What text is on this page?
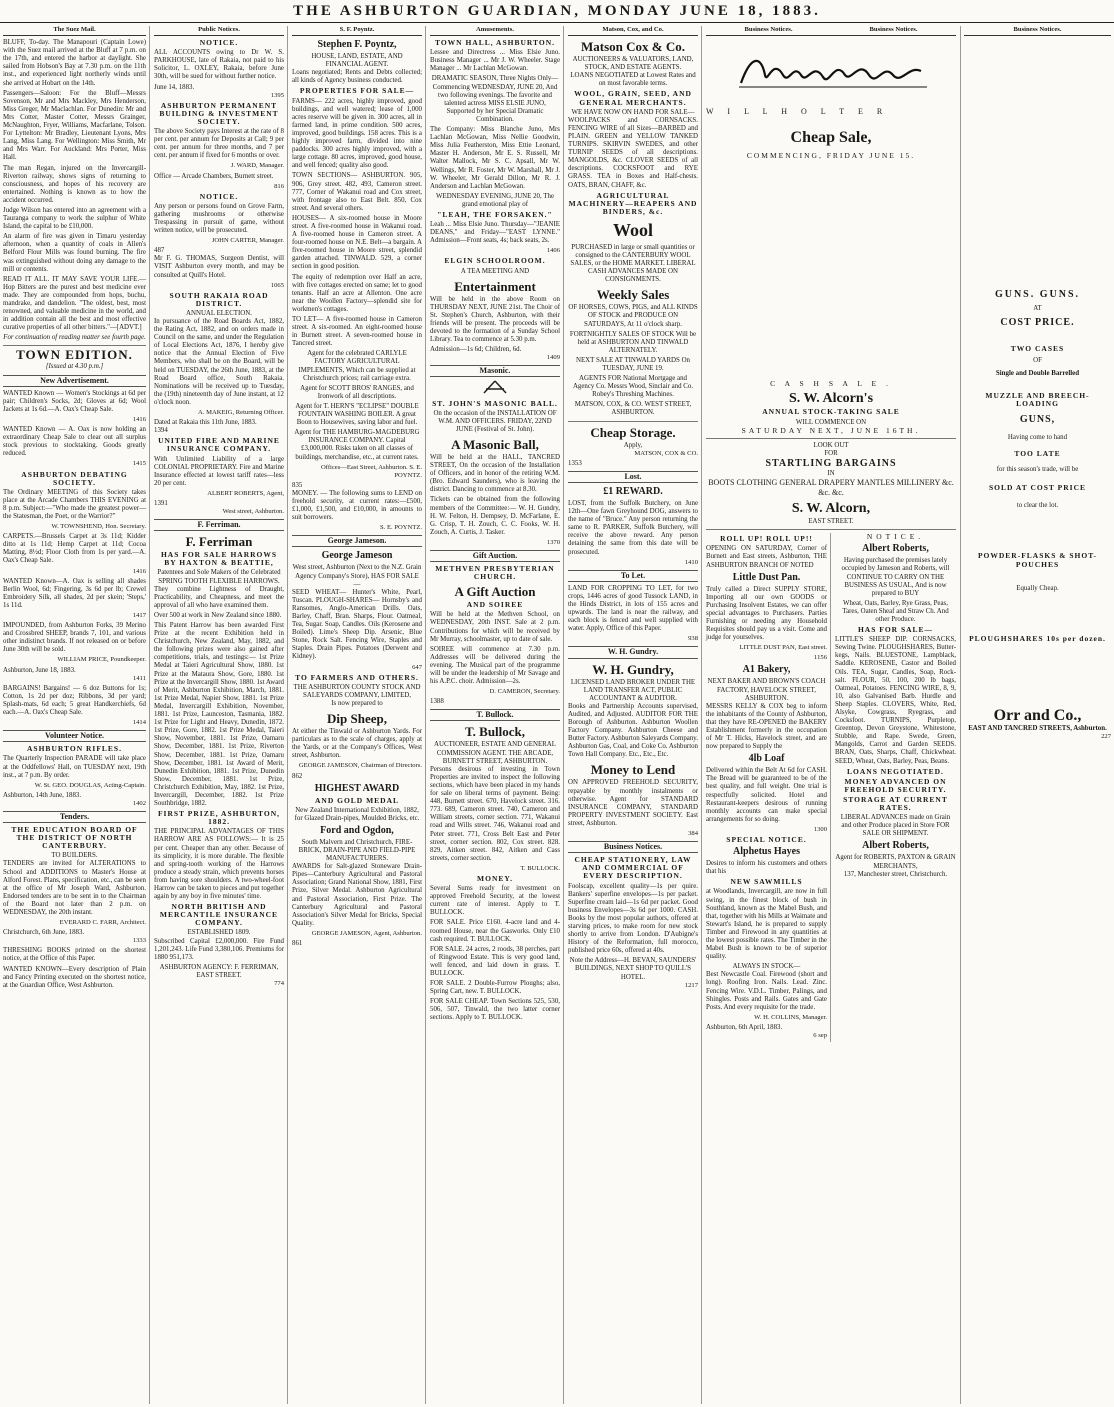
THE ASHBURTON GUARDIAN, MONDAY JUNE 18, 1883.
The Suez Mail.

BLUFF, To-day. The Manapouri (Captain Lowe) with the Suez mail arrived at the Bluff at 7 p.m. on the 17th, and entered the harbor at daylight. She sailed from Hobson's Bay at 7.30 p.m. on the 11th inst., and experienced light northerly winds until she arrived at Hobart on the 14th.

Passengers—Saloon: For the Bluff—Messrs Sovenson, Mr and Mrs Mackley, Mrs Henderson, Miss Greger, Mr Maclachlan. For Dunedin: Mr and Mrs Cotter, Master Cotter, Messrs Grainger, McNaughton, Fryer, Williams, Macfarlane, Tolson. For Lyttelton: Mr Bradley, Lieutenant Lyons, Mrs Lang, Miss Lang. For Wellington: Miss Smith, Mr and Mrs Warr. For Auckland: Mrs Porter, Miss Hall.

The man Regan, injured on the Invercargill-Riverton railway, shows signs of returning to consciousness, and hopes of his recovery are entertained. Nothing is known as to how the accident occurred.

Judge Wilson has entered into an agreement with a Tauranga company to work the sulphur of White Island, the capital to be £10,000.

An alarm of fire was given in Timaru yesterday afternoon, when a quantity of coals in Allen's Belford Flour Mills was found burning. The fire was extinguished without doing any damage to the mill or contents.

READ IT ALL. IT MAY SAVE YOUR LIFE.—Hop Bitters are the purest and best medicine ever made. They are compounded from hops, buchu, mandrake, and dandelion. "The oldest, best, most renowned, and valuable medicine in the world, and in addition contain all the best and most effective curative properties of all other bitters."—[ADVT.]

For continuation of reading matter see fourth page.

TOWN EDITION.
[Issued at 4.30 p.m.]
New Advertisement.

WANTED Known — Women's Stockings at 6d per pair; Children's Socks, 2d; Gloves at 6d; Wool Jackets at 1s 6d.—A. Oax's Cheap Sale.

1416

WANTED Known — A. Oax is now holding an extraordinary Cheap Sale to clear out all surplus stock previous to stocktaking. Goods greatly reduced.

1415
ASHBURTON DEBATING SOCIETY.

The Ordinary MEETING of this Society takes place at the Arcade Chambers THIS EVENING at 8 p.m. Subject:—"Who made the greatest power—the Statesman, the Poet, or the Warrior?"

W. TOWNSHEND, Hon. Secretary.

CARPETS.—Brussels Carpet at 3s 11d; Kidder ditto at 1s 11d; Hemp Carpet at 11d; Cocoa Matting, 8½d; Floor Cloth from 1s per yard.—A. Oax's Cheap Sale.

1416

WANTED Known—A. Oax is selling all shades Berlin Wool, 6d; Fingering, 3s 6d per lb; Crewel Embroidery Silk, all shades, 2d per skein; 'Steps,' 1s 11d.

1417

IMPOUNDED, from Ashburton Forks, 39 Merino and Crossbred SHEEP, brands 7, 101, and various other indistinct brands. If not released on or before June 30th will be sold.

WILLIAM PRICE, Poundkeeper.
Ashburton, June 18, 1883.
1411

BARGAINS! Bargains! — 6 doz Buttons for 1s; Cotton, 1s 2d per doz; Ribbons, 3d per yard; Splash-mats, 6d each; 5 great Handkerchiefs, 6d each.—A. Oax's Cheap Sale.

1414
Volunteer Notice.
ASHBURTON RIFLES.

The Quarterly Inspection PARADE will take place at the Oddfellows' Hall, on TUESDAY next, 19th inst., at 7 p.m. By order.

W. St. GEO. DOUGLAS, Acting-Captain.
Ashburton, 14th June, 1883.
1402
Tenders.
THE EDUCATION BOARD OF THE DISTRICT OF NORTH CANTERBURY.
TO BUILDERS.

TENDERS are invited for ALTERATIONS to School and ADDITIONS to Master's House at Alford Forest. Plans, specification, etc., can be seen at the office of Mr Joseph Ward, Ashburton. Endorsed tenders are to be sent in to the Chairman of the Board not later than 2 p.m. on WEDNESDAY, the 20th instant.

EVERARD C. FARR, Architect.
Christchurch, 6th June, 1883.
1333

THRESHING BOOKS printed on the shortest notice, at the Office of this Paper.

WANTED KNOWN—Every description of Plain and Fancy Printing executed on the shortest notice, at the Guardian Office, West Ashburton.

Public Notices.
NOTICE.

ALL ACCOUNTS owing to Dr W. S. PARKHOUSE, late of Rakaia, not paid to his Solicitor, L. OXLEY, Rakaia, before June 30th, will be sued for without further notice.

June 14, 1883.
1395
ASHBURTON PERMANENT BUILDING & INVESTMENT SOCIETY.

The above Society pays Interest at the rate of 8 per cent. per annum for Deposits at Call; 9 per cent. per annum for three months, and 7 per cent. per annum if fixed for 6 months or over.

J. WARD, Manager.

Office — Arcade Chambers, Burnett street.

816
NOTICE.

Any person or persons found on Grove Farm, gathering mushrooms or otherwise Trespassing in pursuit of game, without written notice, will be prosecuted.

JOHN CARTER, Manager.
487

Mr F. G. THOMAS, Surgeon Dentist, will VISIT Ashburton every month, and may be consulted at Quill's Hotel.

1065
SOUTH RAKAIA ROAD DISTRICT.
ANNUAL ELECTION.

In pursuance of the Road Boards Act, 1882, the Rating Act, 1882, and on orders made in Council on the same, and under the Regulation of Local Elections Act, 1876, I hereby give notice that the Annual Election of Five Members, who shall be on the Board, will be held on TUESDAY, the 26th June, 1883, at the Road Board office, South Rakaia. Nominations will be received up to Tuesday, the (19th) nineteenth day of June instant, at 12 o'clock noon.

A. MAKEIG, Returning Officer.
Dated at Rakaia this 11th June, 1883.
1394
UNITED FIRE AND MARINE INSURANCE COMPANY.

With Unlimited Liability of a large COLONIAL PROPRIETARY. Fire and Marine Insurance effected at lowest tariff rates—less 20 per cent.

ALBERT ROBERTS, Agent,
1391
West street, Ashburton.
F. Ferriman.
F. Ferriman
HAS FOR SALE HARROWS BY HAXTON & BEATTIE,
Patentees and Sole Makers of the Celebrated SPRING TOOTH FLEXIBLE HARROWS.

They combine Lightness of Draught, Practicability, and Cheapness, and meet the approval of all who have examined them.

Over 500 at work in New Zealand since 1880.

This Patent Harrow has been awarded First Prize at the recent Exhibition held in Christchurch, New Zealand, May, 1882, and the following prizes were also gained after competitions, trials, and testings:— 1st Prize Medal at Taieri Agricultural Show, 1880. 1st Prize at the Mataura Show, Gore, 1880. 1st Prize at the Invercargill Show, 1880. 1st Award of Merit, Ashburton Exhibition, March, 1881. 1st Prize Medal, Napier Show, 1881. 1st Prize Medal, Invercargill Exhibition, November, 1881. 1st Prize, Launceston, Tasmania, 1882. 1st Prize for Light and Heavy, Dunedin, 1872. 1st Prize, Gore, 1882. 1st Prize Medal, Taieri Show, November, 1881. 1st Prize, Oamaru Show, December, 1881. 1st Prize, Riverton Show, December, 1881. 1st Prize, Oamaru Show, December, 1881. 1st Award of Merit, Dunedin Exhibition, 1881. 1st Prize, Dunedin Show, December, 1881. 1st Prize, Christchurch Exhibition, May, 1882. 1st Prize, Invercargill, December, 1882. 1st Prize Southbridge, 1882.

FIRST PRIZE, ASHBURTON, 1882.

THE PRINCIPAL ADVANTAGES OF THIS HARROW ARE AS FOLLOWS:— It is 25 per cent. Cheaper than any other. Because of its simplicity, it is more durable. The flexible and spring-tooth working of the Harrows produce a steady strain, which prevents horses from having sore shoulders. A two-wheel-foot Harrow can be taken to pieces and put together again by any boy in five minutes' time.

NORTH BRITISH AND MERCANTILE INSURANCE COMPANY.
ESTABLISHED 1809.

Subscribed Capital £2,000,000. Fire Fund 1,201,243. Life Fund 3,380,106. Premiums for 1880 951,173.

ASHBURTON AGENCY: F. FERRIMAN, EAST STREET.
774
S. F. Poyntz.
Stephen F. Poyntz,
HOUSE, LAND, ESTATE, AND FINANCIAL AGENT.

Loans negotiated; Rents and Debts collected; all kinds of Agency business conducted.

PROPERTIES FOR SALE—

FARMS— 222 acres, highly improved, good buildings, and well watered; lease of 1,000 acres reserve will be given in. 300 acres, all in farmed land, in prime condition. 500 acres, improved, good buildings. 158 acres. This is a highly improved farm, divided into nine paddocks. 300 acres highly improved, with a large cottage. 80 acres, improved, good house, and well fenced; quality also good.

TOWN SECTIONS— ASHBURTON. 905, 906, Grey street. 482, 493, Cameron street. 777, Corner of Wakanui road and Cox street, with frontage also to East Belt. 850, Cox street. And several others.

HOUSES— A six-roomed house in Moore street. A five-roomed house in Wakanui road. A five-roomed house in Cameron street. A four-roomed house on N.E. Belt—a bargain. A five-roomed house in Moore street, splendid garden attached. TINWALD. 529, a corner section in good position.

The equity of redemption over Half an acre, with five cottages erected on same; let to good tenants. Half an acre at Allenton. One acre near the Woollen Factory—splendid site for workmen's cottages.

TO LET— A five-roomed house in Cameron street. A six-roomed. An eight-roomed house in Burnett street. A seven-roomed house in Tancred street.

Agent for the celebrated CARLYLE FACTORY AGRICULTURAL IMPLEMENTS, Which can be supplied at Christchurch prices; rail carriage extra.

Agent for SCOTT BROS' RANGES, and Ironwork of all descriptions.

Agent for T. HERN'S "ECLIPSE" DOUBLE FOUNTAIN WASHING BOILER. A great Boon to Housewives, saving labor and fuel.

Agent for THE HAMBURG-MAGDEBURG INSURANCE COMPANY. Capital £3,000,000. Risks taken on all classes of buildings, merchandise, etc., at current rates.

Offices—East Street, Ashburton. S. E. POYNTZ.
835

MONEY. — The following sums to LEND on freehold security, at current rates:—£500, £1,000, £1,500, and £10,000, in amounts to suit borrowers.

S. E. POYNTZ.
George Jameson.
George Jameson
West street, Ashburton (Next to the N.Z. Grain Agency Company's Store), HAS FOR SALE—

SEED WHEAT— Hunter's White, Pearl, Tuscan. PLOUGH-SHARES— Hornsby's and Ransomes, Anglo-American Drills. Oats, Barley, Chaff, Bran. Sharps, Flour. Oatmeal, Tea, Sugar. Soap, Candles. Oils (Kerosene and Boiled). Lime's Sheep Dip. Arsenic, Blue Stone, Rock Salt. Fencing Wire, Staples and Staples. Drain Pipes. Potatoes (Derwent and Kidney).

647
TO FARMERS AND OTHERS.
THE ASHBURTON COUNTY STOCK AND SALEYARDS COMPANY, LIMITED,
Is now prepared to
Dip Sheep,

At either the Tinwald or Ashburton Yards. For particulars as to the scale of charges, apply at the Yards, or at the Company's Offices, West street, Ashburton.

GEORGE JAMESON, Chairman of Directors.
862
HIGHEST AWARD
AND GOLD MEDAL

New Zealand International Exhibition, 1882, for Glazed Drain-pipes, Moulded Bricks, etc.

Ford and Ogdon,
South Malvern and Christchurch, FIRE-BRICK, DRAIN-PIPE AND FIELD-PIPE MANUFACTURERS.

AWARDS for Salt-glazed Stoneware Drain-Pipes—Canterbury Agricultural and Pastoral Association; Grand National Show, 1881, First Prize, Silver Medal. Ashburton Agricultural and Pastoral Association, First Prize. The Canterbury Agricultural and Pastoral Association's Silver Medal for Bricks, Special Quality.

GEORGE JAMESON, Agent, Ashburton.
861
Amusements.
TOWN HALL, ASHBURTON.

Lessee and Directress ... Miss Elsie Juno. Business Manager ... Mr J. W. Wheeler. Stage Manager ... Mr Lachlan McGowan.

DRAMATIC SEASON, Three Nights Only—Commencing WEDNESDAY, JUNE 20, And two following evenings. The favorite and talented actress MISS ELSIE JUNO, Supported by her Special Dramatic Combination.

The Company: Miss Blanche Juno, Mrs Lachlan McGowan, Miss Nellie Goodwin, Miss Julia Featherston, Miss Ettie Leonard, Master H. Anderson, Mr E. S. Russell, Mr Walter Mallock, Mr S. C. Apsall, Mr W. Wellings, Mr R. Foster, Mr W. Marshall, Mr J. W. Wheeler, Mr Gerald Dillon, Mr R. J. Anderson and Lachlan McGowan.

WEDNESDAY EVENING, JUNE 20, The grand emotional play of

"LEAH, THE FORSAKEN."

Leah ... Miss Elsie Juno. Thursday—"JEANIE DEANS," and Friday—"EAST LYNNE." Admission—Front seats, 4s; back seats, 2s.

1406
ELGIN SCHOOLROOM.
A TEA MEETING AND
Entertainment

Will be held in the above Room on THURSDAY NEXT, JUNE 21st. The Choir of St. Stephen's Church, Ashburton, with their friends will be present. The proceeds will be devoted to the formation of a Sunday School Library. Tea to commence at 5.30 p.m.

Admission—1s 6d; Children, 6d.
1409
Masonic.
ST. JOHN'S MASONIC BALL.

On the occasion of the INSTALLATION OF W.M. AND OFFICERS. FRIDAY, 22ND JUNE (Festival of St. John).

A Masonic Ball,

Will be held at the HALL, TANCRED STREET, On the occasion of the Installation of Officers, and in honor of the retiring W.M. (Bro. Edward Saunders), who is leaving the district. Dancing to commence at 8.30.

Tickets can be obtained from the following members of the Committee:— W. H. Gundry, H. W. Felton, H. Dempsey, D. McFarlane, E. G. Crisp, T. H. Zouch, C. C. Fooks, W. H. Zouch, A. Curtis, J. Tasker.

1370
Gift Auction.
METHVEN PRESBYTERIAN CHURCH.
A Gift Auction
AND SOIREE

Will be held at the Methven School, on WEDNESDAY, 20th INST. Sale at 2 p.m. Contributions for which will be received by Mr Murray, schoolmaster, up to date of sale.

SOIREE will commence at 7.30 p.m. Addresses will be delivered during the evening. The Musical part of the programme will be under the leadership of Mr Savage and his A.P.C. choir. Admission—2s.

D. CAMERON, Secretary.
1388
T. Bullock.
T. Bullock,
AUCTIONEER, ESTATE AND GENERAL COMMISSION AGENT. THE ARCADE, BURNETT STREET, ASHBURTON.

Persons desirous of investing in Town Properties are invited to inspect the following sections, which have been placed in my hands for sale on liberal terms of payment. Being: 448, Burnett street. 670, Havelock street. 316. 773. 689, Cameron street. 740, Cameron and William streets, corner section. 771, Wakanui road and Wills street. 746, Wakanui road and Peter street. 771, Cross Belt East and Peter street, corner section. 802, Cox street. 828. 829, Aitken street. 842, Aitken and Cass streets, corner section.

T. BULLOCK.
MONEY.

Several Sums ready for investment on approved Freehold Security, at the lowest current rate of interest. Apply to T. BULLOCK.

FOR SALE. Price £160. 4-acre land and 4-roomed House, near the Gasworks. Only £10 cash required. T. BULLOCK.

FOR SALE. 24 acres, 2 roods, 38 perches, part of Ringwood Estate. This is very good land, well fenced, and laid down in grass. T. BULLOCK.

FOR SALE. 2 Double-Furrow Ploughs; also, Spring Cart, new. T. BULLOCK.

FOR SALE CHEAP. Town Sections 525, 530, 506, 507, Tinwald, the two latter corner sections. Apply to T. BULLOCK.

Matson, Cox, and Co.
Matson Cox & Co.
AUCTIONEERS & VALUATORS, LAND, STOCK, AND ESTATE AGENTS.

LOANS NEGOTIATED at Lowest Rates and on most favorable terms.

WOOL, GRAIN, SEED, AND GENERAL MERCHANTS.
WE HAVE NOW ON HAND FOR SALE—

WOOLPACKS and CORNSACKS. FENCING WIRE of all Sizes—BARBED and PLAIN. GREEN and YELLOW TANKED TURNIPS. SKIRVIN SWEDES, and other TURNIP SEEDS of all descriptions. MANGOLDS, &c. CLOVER SEEDS of all descriptions. COCKSFOOT and RYE GRASS. TEA in Boxes and Half-chests. OATS, BRAN, CHAFF, &c.

AGRICULTURAL MACHINERY—REAPERS AND BINDERS, &c.
Wool

PURCHASED in large or small quantities or consigned to the CANTERBURY WOOL SALES, or the HOME MARKET. LIBERAL CASH ADVANCES MADE ON CONSIGNMENTS.

Weekly Sales

OF HORSES, COWS, PIGS, and ALL KINDS OF STOCK and PRODUCE ON SATURDAYS, At 11 o'clock sharp.

FORTNIGHTLY SALES OF STOCK Will be held at ASHBURTON AND TINWALD ALTERNATELY.

NEXT SALE AT TINWALD YARDS On TUESDAY, JUNE 19.

AGENTS FOR National Mortgage and Agency Co. Messrs Wood, Sinclair and Co. Robey's Threshing Machines.

MATSON, COX, & CO. WEST STREET, ASHBURTON.
Cheap Storage.
Apply,
MATSON, COX & CO.
1353
Lost.
£1 REWARD.

LOST, from the Suffolk Butchery, on June 12th—One fawn Greyhound DOG, answers to the name of "Bruce." Any person returning the same to R. PARKER, Suffolk Butchery, will receive the above reward. Any person detaining the same from this date will be prosecuted.

1410
To Let.

LAND FOR CROPPING TO LET, for two crops, 1446 acres of good Tussock LAND, in the Hinds District, in lots of 155 acres and upwards. The land is near the railway, and each block is fenced and well supplied with water. Apply, Office of this Paper.

938
W. H. Gundry.
W. H. Gundry,
LICENSED LAND BROKER UNDER THE LAND TRANSFER ACT, PUBLIC ACCOUNTANT & AUDITOR.

Books and Partnership Accounts supervised, Audited, and Adjusted. AUDITOR FOR THE Borough of Ashburton. Ashburton Woollen Factory Company. Ashburton Cheese and Butter Factory. Ashburton Saleyards Company. Ashburton Gas, Coal, and Coke Co. Ashburton Town Hall Company. Etc., Etc., Etc.

Money to Lend

ON APPROVED FREEHOLD SECURITY, repayable by monthly instalments or otherwise. Agent for STANDARD INSURANCE COMPANY, STANDARD PROPERTY INVESTMENT SOCIETY. East street, Ashburton.

384
Business Notices.
CHEAP STATIONERY, LAW AND COMMERCIAL OF EVERY DESCRIPTION.

Foolscap, excellent quality—1s per quire. Bankers' superfine envelopes—1s per packet. Superfine cream laid—1s 6d per packet. Good business Envelopes—3s 6d per 1000. CASH. Books by the most popular authors, offered at starving prices, to make room for new stock shortly to arrive from London. D'Aubigne's History of the Reformation, full morocco, published price 60s, offered at 40s.

Note the Address—H. BEVAN, SAUNDERS' BUILDINGS, NEXT SHOP TO QUILL'S HOTEL.
1217
Business Notices.	Business Notices.
W I L L H O L T E R
Cheap Sale,
COMMENCING, FRIDAY JUNE 15.
C A S H S A L E .
S. W. Alcorn's
ANNUAL STOCK-TAKING SALE
WILL COMMENCE ON
SATURDAY NEXT, JUNE 16TH.
LOOK OUT
FOR
STARTLING BARGAINS
IN

BOOTS CLOTHING GENERAL DRAPERY MANTLES MILLINERY &c. &c. &c.

S. W. Alcorn,
EAST STREET.
ROLL UP! ROLL UP!!

OPENING ON SATURDAY, Corner of Burnett and East streets, Ashburton, THE ASHBURTON BRANCH OF NOTED

Little Dust Pan.

Truly called a Direct SUPPLY STORE, Importing all our own GOODS or Purchasing Insolvent Estates, we can offer special advantages to Purchasers. Parties Furnishing or needing any Household Requisites should pay us a visit. Come and judge for yourselves.

LITTLE DUST PAN, East street.
1156
A1 Bakery,
NEXT BAKER AND BROWN'S COACH FACTORY, HAVELOCK STREET, ASHBURTON.

MESSRS KELLY & COX beg to inform the inhabitants of the County of Ashburton, that they have RE-OPENED the BAKERY Establishment formerly in the occupation of Mr T. Hicks, Havelock street, and are now prepared to Supply the

4lb Loaf

Delivered within the Belt At 6d for CASH. The Bread will be guaranteed to be of the best quality, and full weight. One trial is respectfully solicited. Hotel and Restaurant-keepers desirous of running monthly accounts can make special arrangements for so doing.

1300
SPECIAL NOTICE.
Alphetus Hayes

Desires to inform his customers and others that his

NEW SAWMILLS

at Woodlands, Invercargill, are now in full swing, in the finest block of bush in Southland, known as the Mabel Bush, and that, together with his Mills at Waimate and Stewart's Island, he is prepared to supply Timber and Firewood in any quantities at the lowest possible rates. The Timber in the Mabel Bush is known to be of superior quality.

ALWAYS IN STOCK—

Best Newcastle Coal. Firewood (short and long). Roofing Iron. Nails. Lead. Zinc. Fencing Wire. V.D.L. Timber, Palings, and Shingles. Posts and Rails. Gates and Gate Posts. And every requisite for the trade.

W. H. COLLINS, Manager.
Ashburton, 6th April, 1883.
6 sep
NOTICE.
Albert Roberts,

Having purchased the premises lately occupied by Jameson and Roberts, will CONTINUE TO CARRY ON THE BUSINESS AS USUAL, And is now prepared to BUY

Wheat, Oats, Barley, Rye Grass, Peas, Tares, Oaten Sheaf and Straw Ch. And other Produce.

HAS FOR SALE—

LITTLE'S SHEEP DIP. CORNSACKS, Sewing Twine. PLOUGHSHARES, Butter-kegs, Nails. BLUESTONE, Lampblack, Saddle. KEROSENE, Castor and Boiled Oils. TEA, Sugar, Candles, Soap, Rock-salt. FLOUR, 50, 100, 200 lb bags, Oatmeal, Potatoes. FENCING WIRE, 8, 9, 10, also Galvanised Barb. Hurdle and Sheep Staples. CLOVERS, White, Red, Alsyke, Cowgrass, Ryegrass, and Cocksfoot. TURNIPS, Purpletop, Greentop, Devon Greystone, Whitestone, Stubble, and Rape. Swede, Green, Mangolds, Carrot and Garden SEEDS. BRAN, Oats, Sharps, Chaff, Chickwheat. SEED, Wheat, Oats, Barley, Peas, Beans.

LOANS NEGOTIATED.
MONEY ADVANCED ON FREEHOLD SECURITY.
STORAGE AT CURRENT RATES.

LIBERAL ADVANCES made on Grain and other Produce placed in Store FOR SALE OR SHIPMENT.

Albert Roberts,
Agent for ROBERTS, PAXTON & GRAIN MERCHANTS,
137, Manchester street, Christchurch.
Business Notices.
GUNS. GUNS.
AT
COST PRICE.
TWO CASES
OF
Single and Double Barrelled
MUZZLE AND BREECH-LOADING
GUNS,
Having come to hand
TOO LATE
for this season's trade, will be
SOLD AT COST PRICE
to clear the lot.
POWDER-FLASKS & SHOT-POUCHES
Equally Cheap.
PLOUGHSHARES 10s per dozen.
Orr and Co.,
EAST AND TANCRED STREETS, Ashburton.
227
